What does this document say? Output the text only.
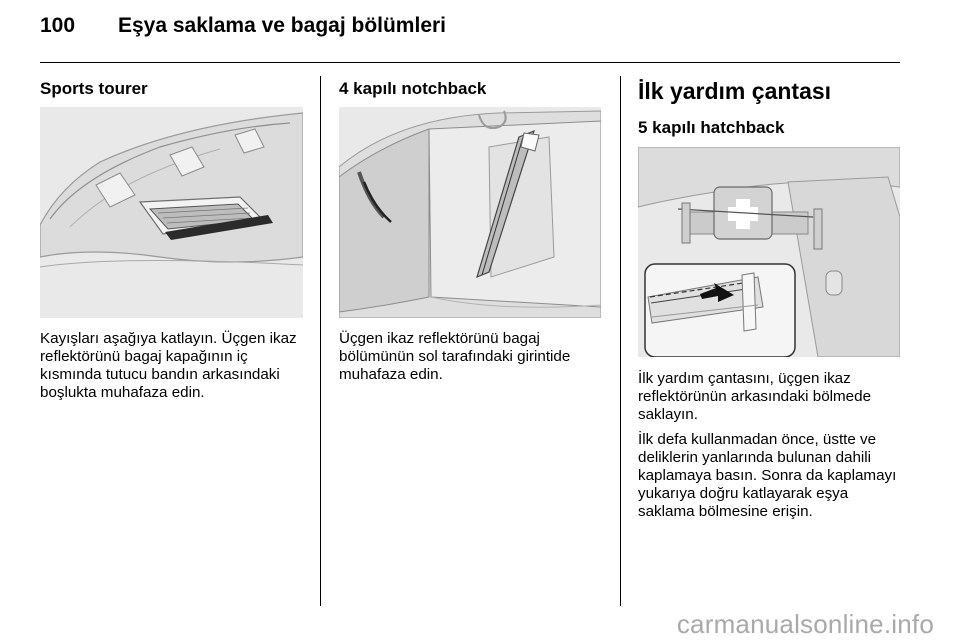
100 Eşya saklama ve bagaj bölümleri
Sports tourer
Kayışları aşağıya katlayın. Üçgen ikaz reflektörünü bagaj kapağının iç kısmında tutucu bandın arkasındaki boşlukta muhafaza edin.
4 kapılı notchback
Üçgen ikaz reflektörünü bagaj bölümünün sol tarafındaki girintide muhafaza edin.
İlk yardım çantası
5 kapılı hatchback

İlk yardım çantasını, üçgen ikaz reflektörünün arkasındaki bölmede saklayın.

İlk defa kullanmadan önce, üstte ve deliklerin yanlarında bulunan dahili kaplamaya basın. Sonra da kaplamayı yukarıya doğru katlayarak eşya saklama bölmesine erişin.

carmanualsonline.info
